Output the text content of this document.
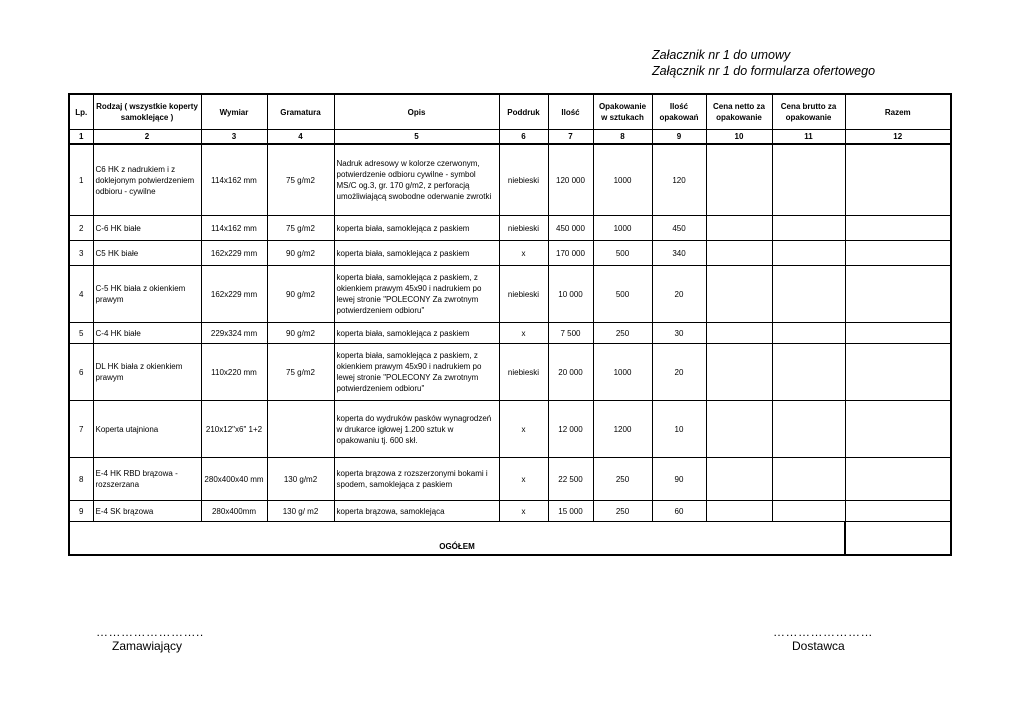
Załacznik nr 1 do umowy
Załącznik nr 1 do formularza ofertowego
Lp.	Rodzaj ( wszystkie koperty samoklejące )	Wymiar	Gramatura	Opis	Poddruk	Ilość	Opakowanie w sztukach	Ilość opakowań	Cena netto za opakowanie	Cena brutto za opakowanie	Razem
1	2	3	4	5	6	7	8	9	10	11	12
1	C6 HK z nadrukiem i z doklejonym potwierdzeniem odbioru - cywilne	114x162 mm	75 g/m2	Nadruk adresowy w kolorze czerwonym, potwierdzenie odbioru cywilne - symbol MS/C og.3, gr. 170 g/m2, z perforacją umożliwiającą swobodne oderwanie zwrotki	niebieski	120 000	1000	120			
2	C-6 HK białe	114x162 mm	75 g/m2	koperta biała, samoklejąca z paskiem	niebieski	450 000	1000	450			
3	C5 HK białe	162x229 mm	90 g/m2	koperta biała, samoklejąca z paskiem	x	170 000	500	340			
4	C-5 HK biała z okienkiem prawym	162x229 mm	90 g/m2	koperta biała, samoklejąca z paskiem, z okienkiem prawym 45x90 i nadrukiem po lewej stronie "POLECONY Za zwrotnym potwierdzeniem odbioru"	niebieski	10 000	500	20			
5	C-4 HK białe	229x324 mm	90 g/m2	koperta biała, samoklejąca z paskiem	x	7 500	250	30			
6	DL HK biała z okienkiem prawym	110x220 mm	75 g/m2	koperta biała, samoklejąca z paskiem, z okienkiem prawym 45x90 i nadrukiem po lewej stronie "POLECONY Za zwrotnym potwierdzeniem odbioru"	niebieski	20 000	1000	20			
7	Koperta utajniona	210x12"x6" 1+2		koperta do wydruków pasków wynagrodzeń w drukarce igłowej 1.200 sztuk w opakowaniu tj. 600 skł.	x	12 000	1200	10			
8	E-4 HK RBD brązowa - rozszerzana	280x400x40 mm	130 g/m2	koperta brązowa z rozszerzonymi bokami i spodem, samoklejąca z paskiem	x	22 500	250	90			
9	E-4 SK brązowa	280x400mm	130 g/ m2	koperta brązowa, samoklejąca	x	15 000	250	60			
OGÓŁEM											
……………………..
Zamawiający
……………………
Dostawca
